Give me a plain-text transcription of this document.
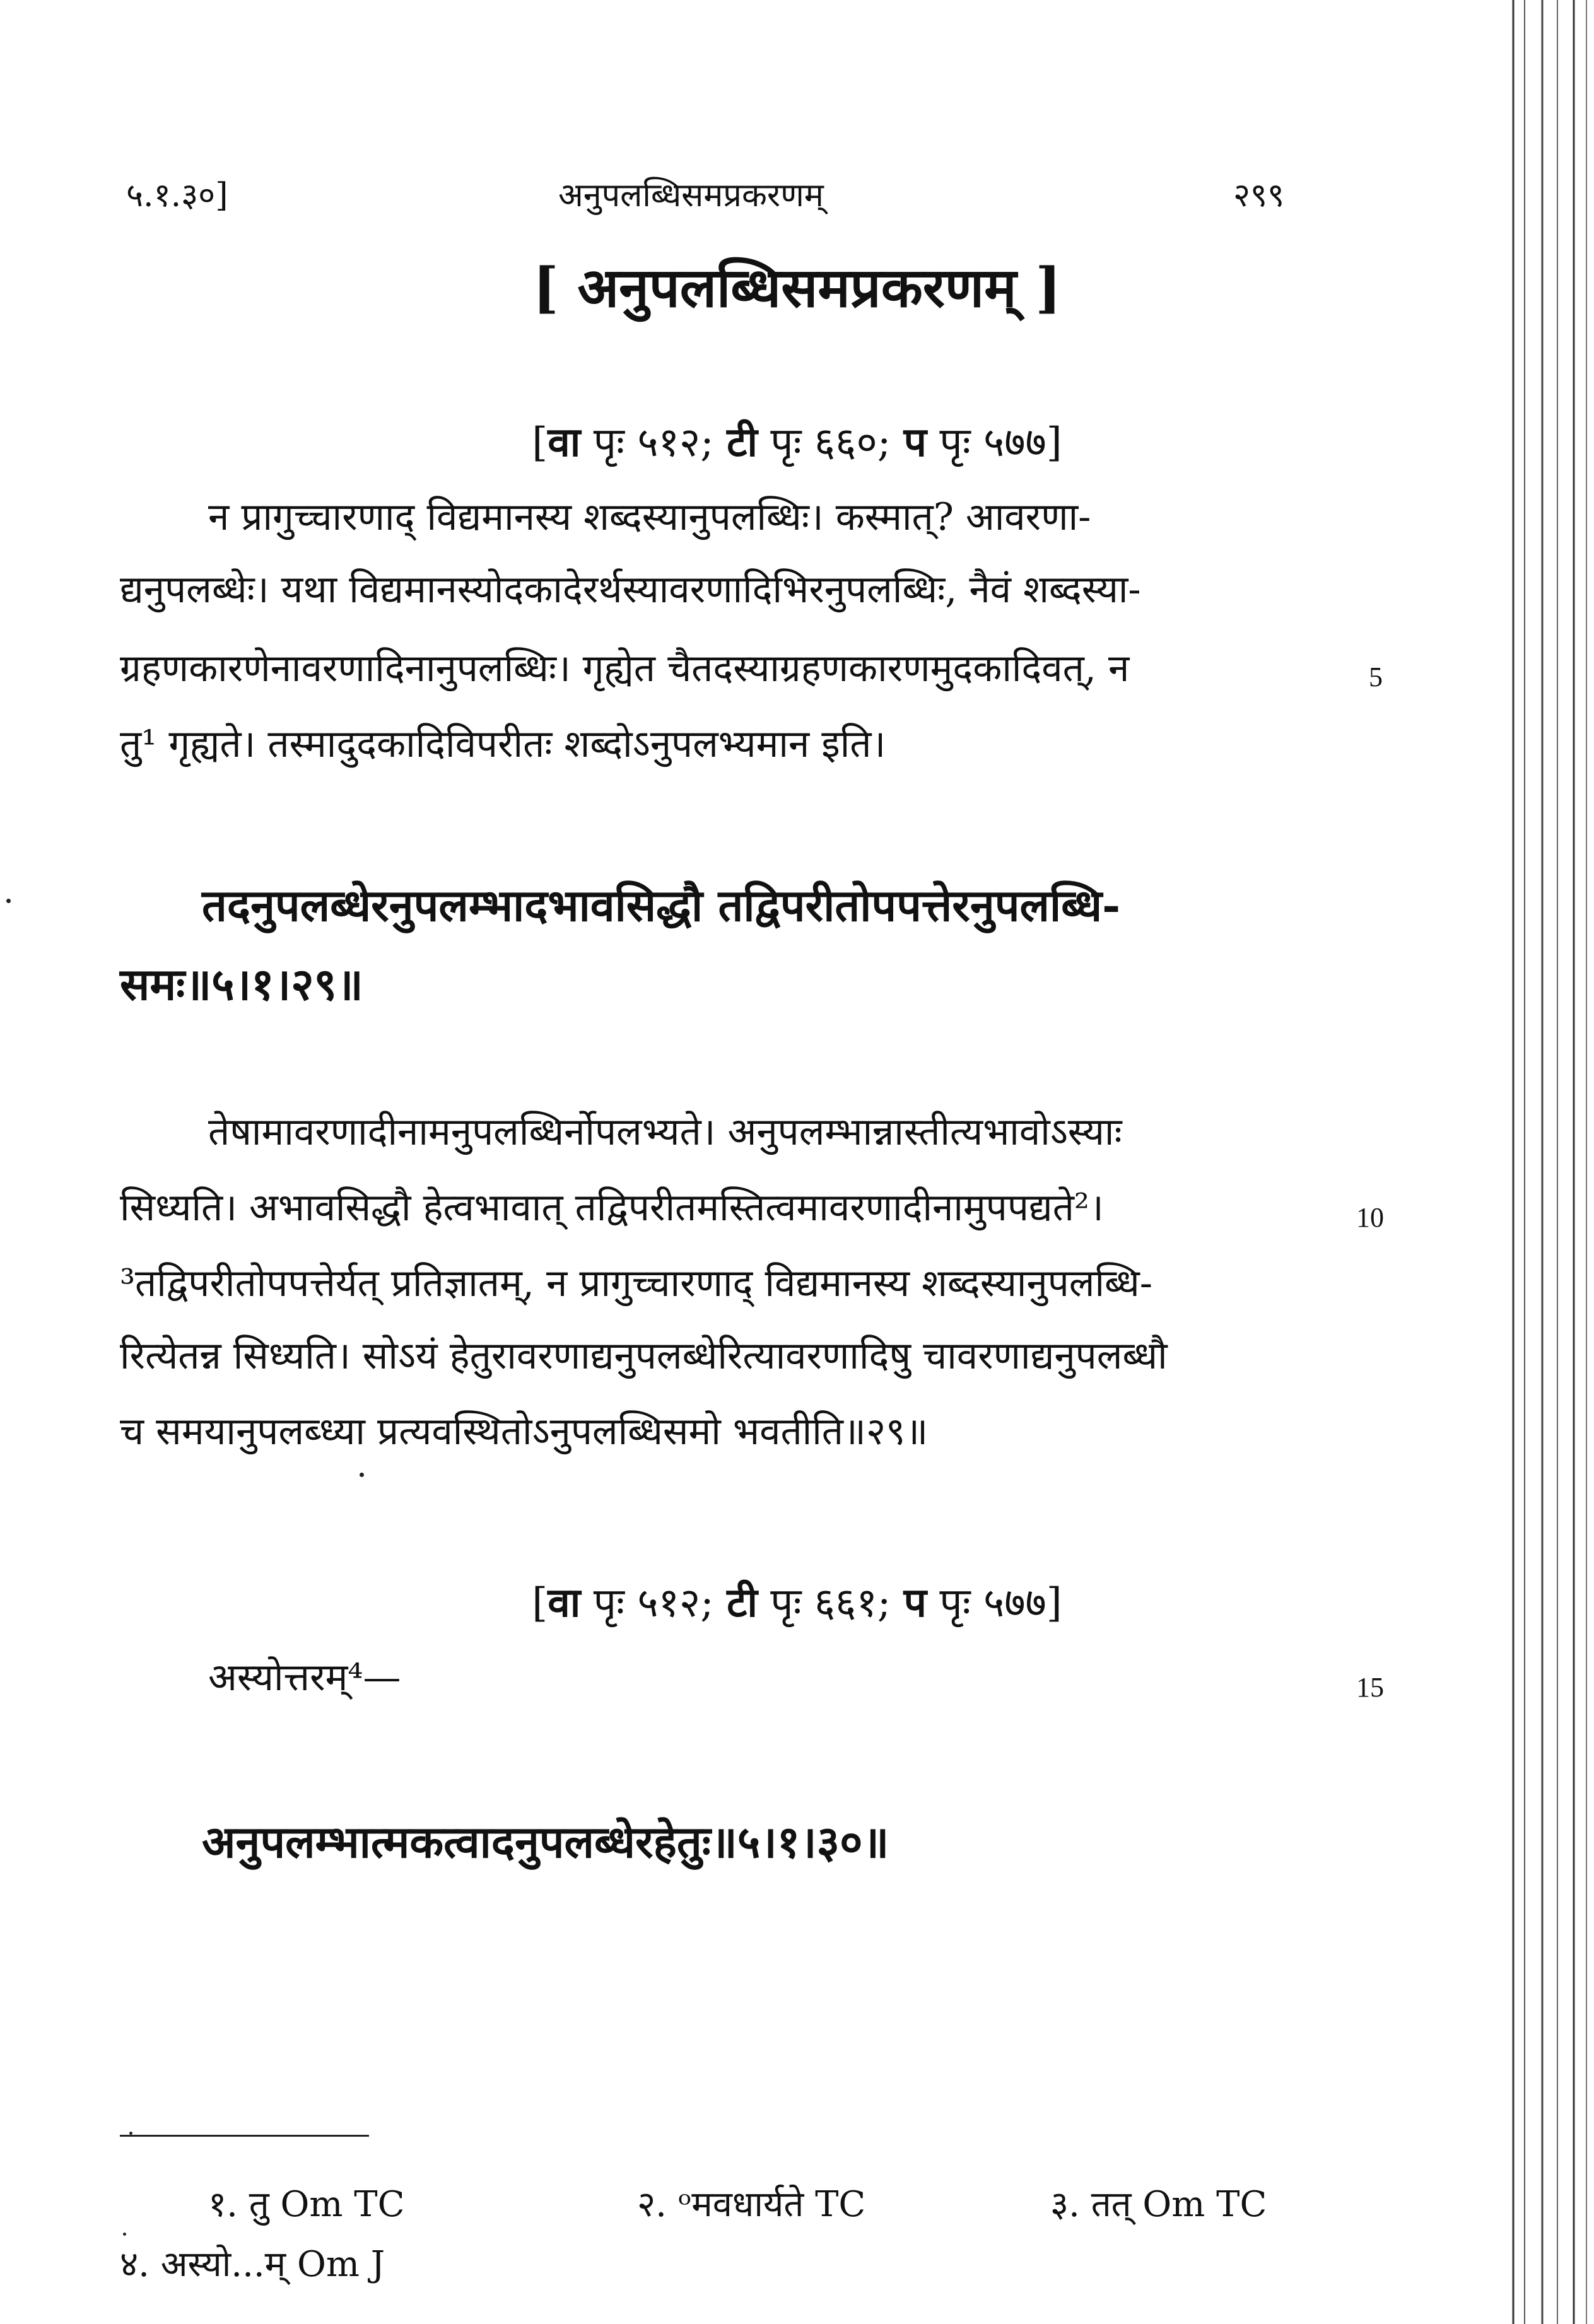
५.१.३०]	अनुपलब्धिसमप्रकरणम्	२९९
[ अनुपलब्धिसमप्रकरणम् ]
[वा पृः ५१२; टी पृः ६६०; प पृः ५७७]
न प्रागुच्चारणाद् विद्यमानस्य शब्दस्यानुपलब्धिः। कस्मात्? आवरणा-
द्यनुपलब्धेः। यथा विद्यमानस्योदकादेरर्थस्यावरणादिभिरनुपलब्धिः, नैवं शब्दस्या-
ग्रहणकारणेनावरणादिनानुपलब्धिः। गृह्येत चैतदस्याग्रहणकारणमुदकादिवत्, न
तु¹ गृह्यते। तस्मादुदकादिविपरीतः शब्दोऽनुपलभ्यमान इति।
5
तदनुपलब्धेरनुपलम्भादभावसिद्धौ तद्विपरीतोपपत्तेरनुपलब्धि-
समः॥५।१।२९॥
तेषामावरणादीनामनुपलब्धिर्नोपलभ्यते। अनुपलम्भान्नास्तीत्यभावोऽस्याः
सिध्यति। अभावसिद्धौ हेत्वभावात् तद्विपरीतमस्तित्वमावरणादीनामुपपद्यते²।
³तद्विपरीतोपपत्तेर्यत् प्रतिज्ञातम्, न प्रागुच्चारणाद् विद्यमानस्य शब्दस्यानुपलब्धि-
रित्येतन्न सिध्यति। सोऽयं हेतुरावरणाद्यनुपलब्धेरित्यावरणादिषु चावरणाद्यनुपलब्धौ
च समयानुपलब्ध्या प्रत्यवस्थितोऽनुपलब्धिसमो भवतीति॥२९॥
10
[वा पृः ५१२; टी पृः ६६१; प पृः ५७७]
अस्योत्तरम्⁴—	15
अनुपलम्भात्मकत्वादनुपलब्धेरहेतुः॥५।१।३०॥
१. तु Om TC	२. ᵒमवधार्यते TC	३. तत् Om TC
४. अस्यो...म् Om J
